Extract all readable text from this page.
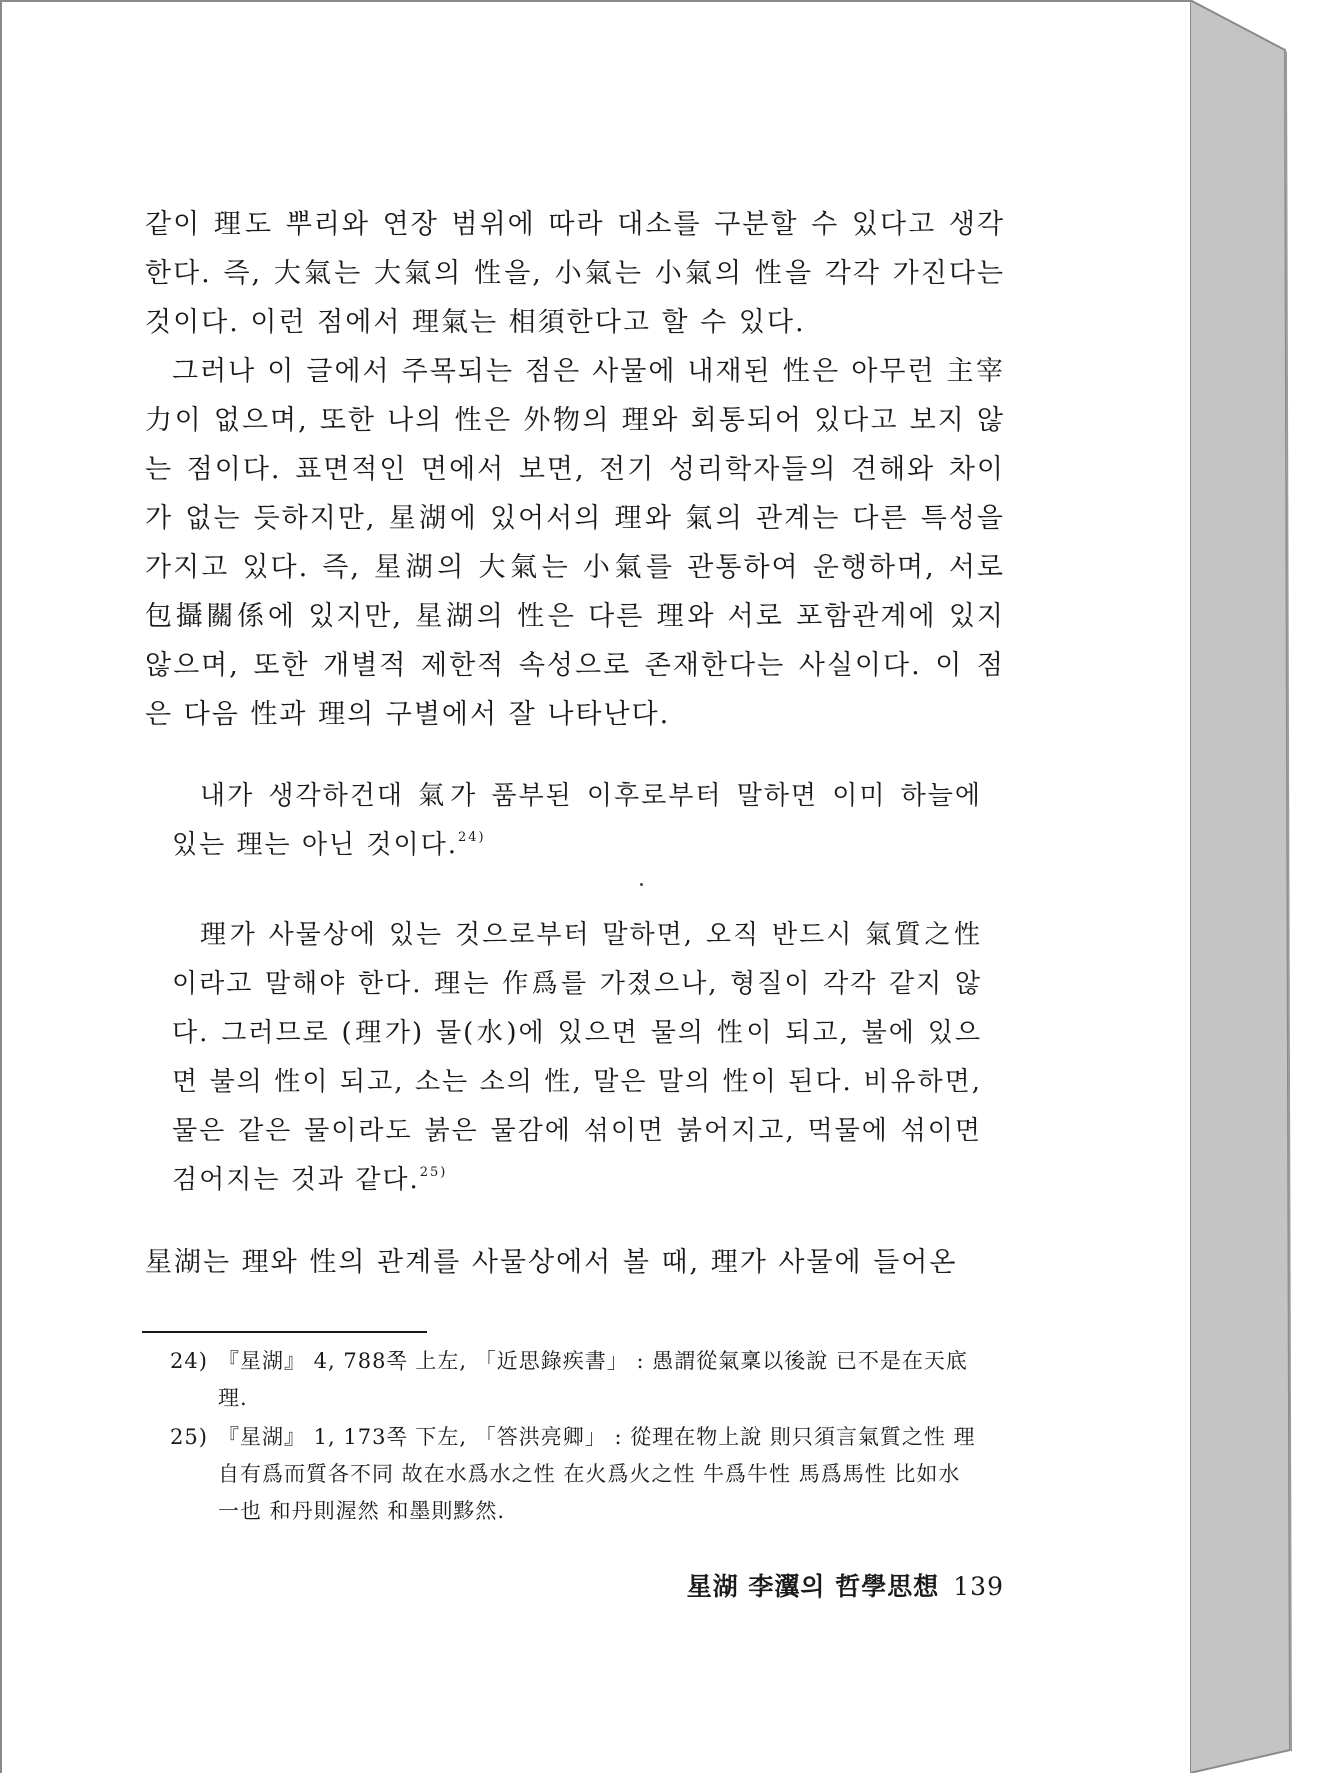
같이 理도 뿌리와 연장 범위에 따라 대소를 구분할 수 있다고 생각한다. 즉, 大氣는 大氣의 性을, 小氣는 小氣의 性을 각각 가진다는 것이다. 이런 점에서 理氣는 相須한다고 할 수 있다.

그러나 이 글에서 주목되는 점은 사물에 내재된 性은 아무런 主宰力이 없으며, 또한 나의 性은 外物의 理와 회통되어 있다고 보지 않는 점이다. 표면적인 면에서 보면, 전기 성리학자들의 견해와 차이가 없는 듯하지만, 星湖에 있어서의 理와 氣의 관계는 다른 특성을 가지고 있다. 즉, 星湖의 大氣는 小氣를 관통하여 운행하며, 서로 包攝關係에 있지만, 星湖의 性은 다른 理와 서로 포함관계에 있지 않으며, 또한 개별적 제한적 속성으로 존재한다는 사실이다. 이 점은 다음 性과 理의 구별에서 잘 나타난다.

내가 생각하건대 氣가 품부된 이후로부터 말하면 이미 하늘에 있는 理는 아닌 것이다.$^{24)}$

理가 사물상에 있는 것으로부터 말하면, 오직 반드시 氣質之性이라고 말해야 한다. 理는 作爲를 가졌으나, 형질이 각각 같지 않다. 그러므로 (理가) 물(水)에 있으면 물의 性이 되고, 불에 있으면 불의 性이 되고, 소는 소의 性, 말은 말의 性이 된다. 비유하면, 물은 같은 물이라도 붉은 물감에 섞이면 붉어지고, 먹물에 섞이면 검어지는 것과 같다.$^{25)}$

星湖는 理와 性의 관계를 사물상에서 볼 때, 理가 사물에 들어온
24) 『星湖』 4, 788쪽 上左, 「近思錄疾書」 : 愚謂從氣稟以後說 已不是在天底理.
25) 『星湖』 1, 173쪽 下左, 「答洪亮卿」 : 從理在物上說 則只須言氣質之性 理自有爲而質各不同 故在水爲水之性 在火爲火之性 牛爲牛性 馬爲馬性 比如水一也 和丹則渥然 和墨則黟然.
星湖 李瀷의 哲學思想 139
